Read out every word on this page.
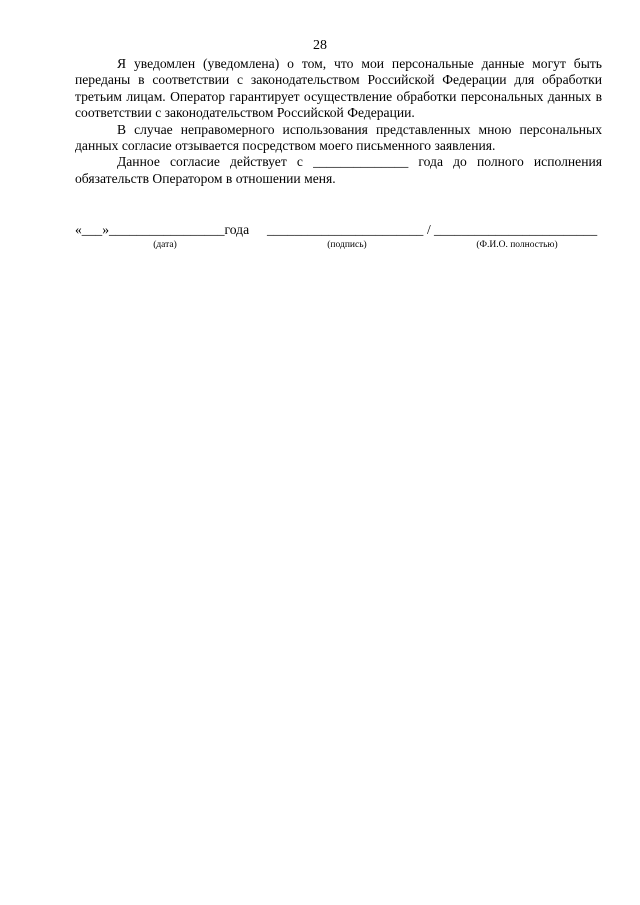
28

Я уведомлен (уведомлена) о том, что мои персональные данные могут быть переданы в соответствии с законодательством Российской Федерации для обработки третьим лицам. Оператор гарантирует осуществление обработки персональных данных в соответствии с законодательством Российской Федерации.

В случае неправомерного использования представленных мною персональных данных согласие отзывается посредством моего письменного заявления.

Данное согласие действует с ______________ года до полного исполнения обязательств Оператором в отношении меня.

«___»_________________года _______________________ / ________________________
(дата)	(подпись)	(Ф.И.О. полностью)
